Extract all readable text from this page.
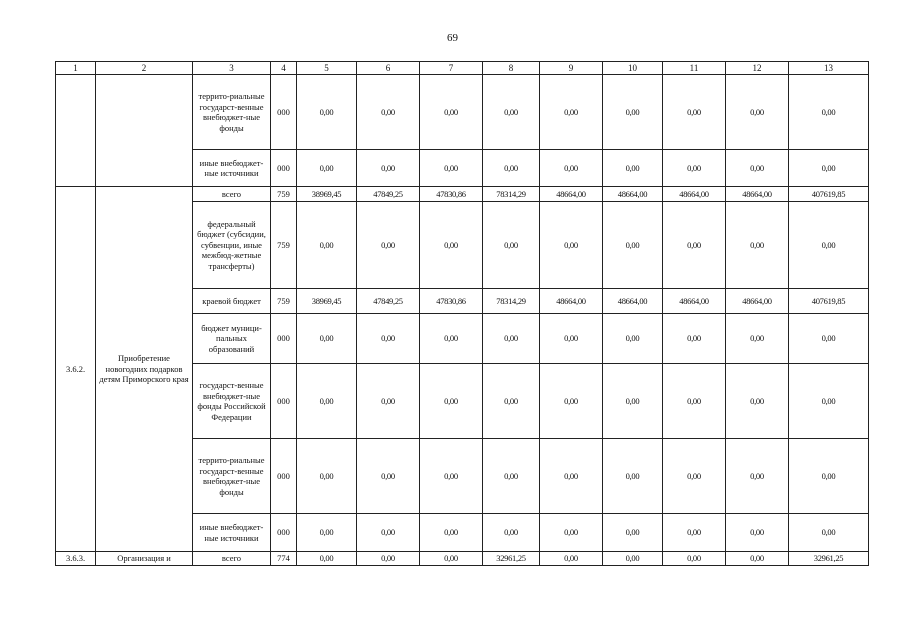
69
1	2	3	4	5	6	7	8	9	10	11	12	13
		террито-риальные государст-венные внебюджет-ные фонды	000	0,00	0,00	0,00	0,00	0,00	0,00	0,00	0,00	0,00
		иные внебюджет-ные источники	000	0,00	0,00	0,00	0,00	0,00	0,00	0,00	0,00	0,00
3.6.2.	Приобретение новогодних подарков детям Приморского края	всего	759	38969,45	47849,25	47830,86	78314,29	48664,00	48664,00	48664,00	48664,00	407619,85
		федеральный бюджет (субсидии, субвенции, иные межбюд-жетные трансферты)	759	0,00	0,00	0,00	0,00	0,00	0,00	0,00	0,00	0,00
		краевой бюджет	759	38969,45	47849,25	47830,86	78314,29	48664,00	48664,00	48664,00	48664,00	407619,85
		бюджет муници-пальных образований	000	0,00	0,00	0,00	0,00	0,00	0,00	0,00	0,00	0,00
		государст-венные внебюджет-ные фонды Российской Федерации	000	0,00	0,00	0,00	0,00	0,00	0,00	0,00	0,00	0,00
		террито-риальные государст-венные внебюджет-ные фонды	000	0,00	0,00	0,00	0,00	0,00	0,00	0,00	0,00	0,00
		иные внебюджет-ные источники	000	0,00	0,00	0,00	0,00	0,00	0,00	0,00	0,00	0,00
3.6.3.	Организация и	всего	774	0,00	0,00	0,00	32961,25	0,00	0,00	0,00	0,00	32961,25
